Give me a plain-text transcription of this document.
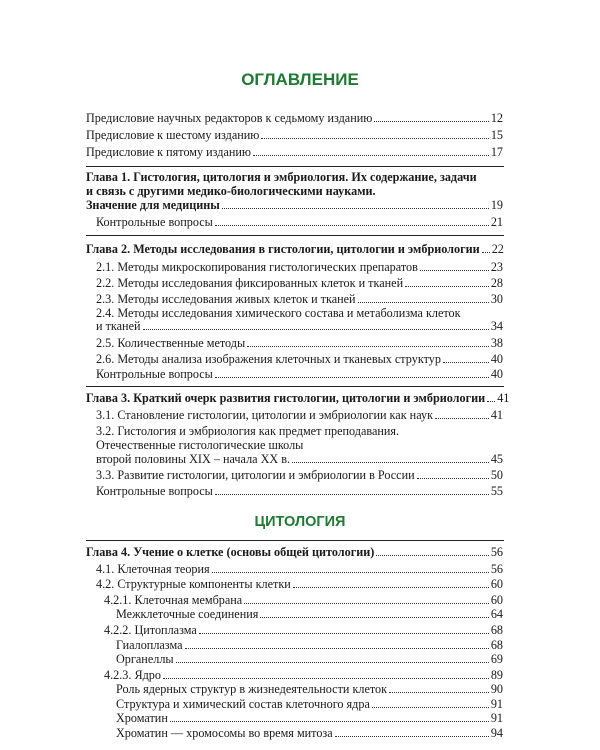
ОГЛАВЛЕНИЕ
Предисловие научных редакторов к седьмому изданию	12
Предисловие к шестому изданию	15
Предисловие к пятому изданию	17
Глава 1. Гистология, цитология и эмбриология. Их содержание, задачи
и связь с другими медико-биологическими науками.
Значение для медицины	19
Контрольные вопросы	21
Глава 2. Методы исследования в гистологии, цитологии и эмбриологии 22
2.1. Методы микроскопирования гистологических препаратов	23
2.2. Методы исследования фиксированных клеток и тканей	28
2.3. Методы исследования живых клеток и тканей	30
2.4. Методы исследования химического состава и метаболизма клеток
и тканей	34
2.5. Количественные методы	38
2.6. Методы анализа изображения клеточных и тканевых структур	40
Контрольные вопросы	40
Глава 3. Краткий очерк развития гистологии, цитологии и эмбриологии 41
3.1. Становление гистологии, цитологии и эмбриологии как наук	41
3.2. Гистология и эмбриология как предмет преподавания.
Отечественные гистологические школы
второй половины XIX – начала XX в.	45
3.3. Развитие гистологии, цитологии и эмбриологии в России	50
Контрольные вопросы	55
ЦИТОЛОГИЯ
Глава 4. Учение о клетке (основы общей цитологии)	56
4.1. Клеточная теория	56
4.2. Структурные компоненты клетки	60
4.2.1. Клеточная мембрана	60
Межклеточные соединения	64
4.2.2. Цитоплазма	68
Гиалоплазма	68
Органеллы	69
4.2.3. Ядро	89
Роль ядерных структур в жизнедеятельности клеток	90
Структура и химический состав клеточного ядра	91
Хроматин	91
Хроматин — хромосомы во время митоза	94
